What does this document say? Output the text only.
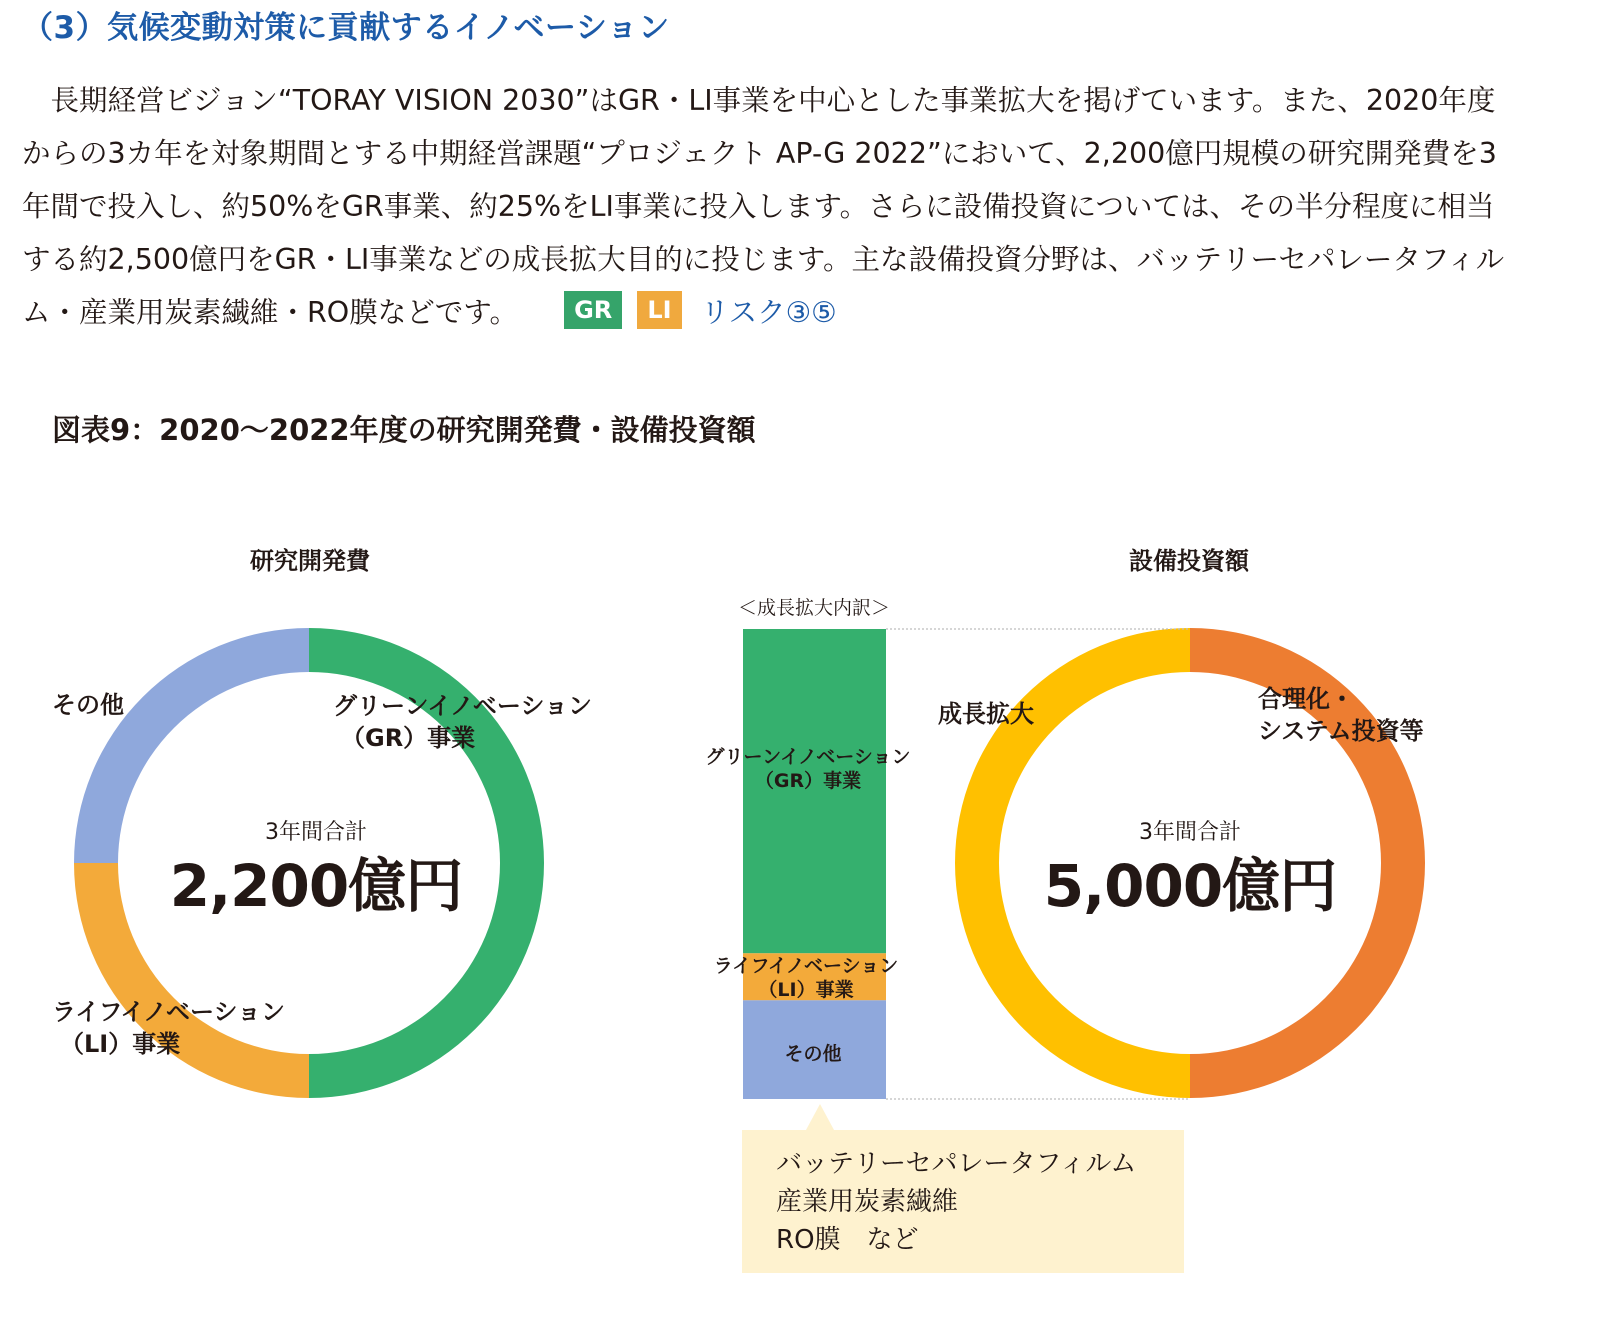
（3）気候変動対策に貢献するイノベーション

　長期経営ビジョン“TORAY VISION 2030”はGR・LI事業を中心とした事業拡大を掲げています。また、2020年度

からの3カ年を対象期間とする中期経営課題“プロジェクト AP-G 2022”において、2,200億円規模の研究開発費を3

年間で投入し、約50%をGR事業、約25%をLI事業に投入します。さらに設備投資については、その半分程度に相当

する約2,500億円をGR・LI事業などの成長拡大目的に投じます。主な設備投資分野は、バッテリーセパレータフィル

ム・産業用炭素繊維・RO膜などです。 GR LI リスク③⑤

図表9：2020〜2022年度の研究開発費・設備投資額
研究開発費
その他	グリーンイノベーション
（GR）事業
ライフイノベーション
（LI）事業
3年間合計
2,200億円
＜成長拡大内訳＞
グリーンイノベーション
（GR）事業
ライフイノベーション
（LI）事業
その他
設備投資額
成長拡大
合理化・
システム投資等
3年間合計
5,000億円
バッテリーセパレータフィルム
産業用炭素繊維
RO膜　など
